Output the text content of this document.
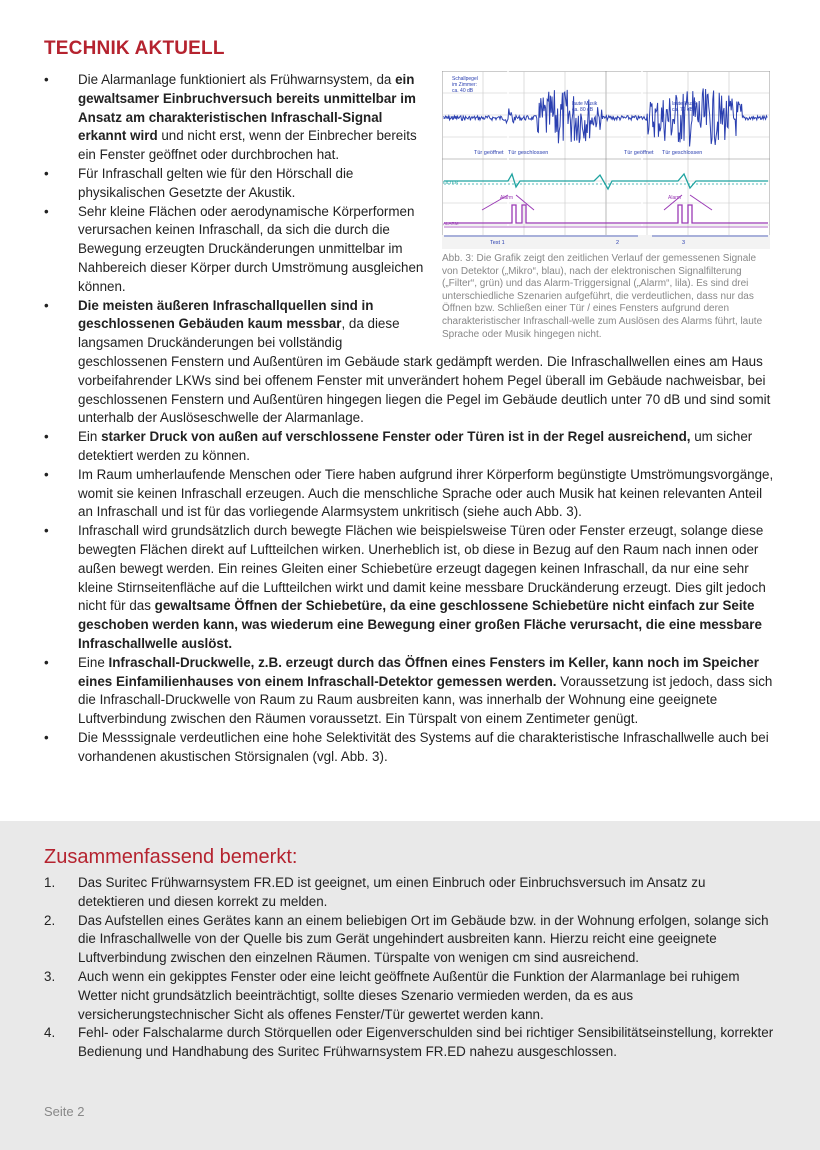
TECHNIK AKTUELL
• Schallpegel
im Zimmer:
ca. 40 dB
laute Musik
ca. 80 dB
laute Musik
ca. 70 dB
Tür geöffnet Tür geschlossen	Tür geöffnet Tür geschlossen
Test 1	2	3
Alarm	Alarm
MIKRO
FILTER
ALARM
Abb. 3: Die Grafik zeigt den zeitlichen Verlauf der gemessenen Signale von Detektor („Mikro“, blau), nach der elektronischen Signalfilterung („Filter“, grün) und das Alarm-Triggersignal („Alarm“, lila). Es sind drei unterschiedliche Szenarien aufgeführt, die verdeutlichen, dass nur das Öffnen bzw. Schließen einer Tür / eines Fensters aufgrund deren charakteristischer Infraschall-welle zum Auslösen des Alarms führt, laute Sprache oder Musik hingegen nicht.
Die Alarmanlage funktioniert als Frühwarnsystem, da ein gewaltsamer Einbruchversuch bereits unmittelbar im Ansatz am charakteristischen Infraschall-Signal erkannt wird und nicht erst, wenn der Einbrecher bereits ein Fenster geöffnet oder durchbrochen hat.
• Für Infraschall gelten wie für den Hörschall die physikalischen Gesetzte der Akustik.
• Sehr kleine Flächen oder aerodynamische Körperformen verursachen keinen Infraschall, da sich die durch die Bewegung erzeugten Druckänderungen unmittelbar im Nahbereich dieser Körper durch Umströmung ausgleichen können.
• Die meisten äußeren Infraschallquellen sind in geschlossenen Gebäuden kaum messbar, da diese langsamen Druckänderungen bei vollständig geschlossenen Fenstern und Außentüren im Gebäude stark gedämpft werden. Die Infraschallwellen eines am Haus vorbeifahrender LKWs sind bei offenem Fenster mit unverändert hohem Pegel überall im Gebäude nachweisbar, bei geschlossenen Fenstern und Außentüren hingegen liegen die Pegel im Gebäude deutlich unter 70 dB und sind somit unterhalb der Auslöseschwelle der Alarmanlage.
• Ein starker Druck von außen auf verschlossene Fenster oder Türen ist in der Regel ausreichend, um sicher detektiert werden zu können.
• Im Raum umherlaufende Menschen oder Tiere haben aufgrund ihrer Körperform begünstigte Umströmungsvorgänge, womit sie keinen Infraschall erzeugen. Auch die menschliche Sprache oder auch Musik hat keinen relevanten Anteil an Infraschall und ist für das vorliegende Alarmsystem unkritisch (siehe auch Abb. 3).
• Infraschall wird grundsätzlich durch bewegte Flächen wie beispielsweise Türen oder Fenster erzeugt, solange diese bewegten Flächen direkt auf Luftteilchen wirken. Unerheblich ist, ob diese in Bezug auf den Raum nach innen oder außen bewegt werden. Ein reines Gleiten einer Schiebetüre erzeugt dagegen keinen Infraschall, da nur eine sehr kleine Stirnseitenfläche auf die Luftteilchen wirkt und damit keine messbare Druckänderung erzeugt. Dies gilt jedoch nicht für das gewaltsame Öffnen der Schiebetüre, da eine geschlossene Schiebetüre nicht einfach zur Seite geschoben werden kann, was wiederum eine Bewegung einer großen Fläche verursacht, die eine messbare Infraschallwelle auslöst.
• Eine Infraschall-Druckwelle, z.B. erzeugt durch das Öffnen eines Fensters im Keller, kann noch im Speicher eines Einfamilienhauses von einem Infraschall-Detektor gemessen werden. Voraussetzung ist jedoch, dass sich die Infraschall-Druckwelle von Raum zu Raum ausbreiten kann, was innerhalb der Wohnung eine geeignete Luftverbindung zwischen den Räumen voraussetzt. Ein Türspalt von einem Zentimeter genügt.
• Die Messsignale verdeutlichen eine hohe Selektivität des Systems auf die charakteristische Infraschallwelle auch bei vorhandenen akustischen Störsignalen (vgl. Abb. 3).
Zusammenfassend bemerkt:
1. Das Suritec Frühwarnsystem FR.ED ist geeignet, um einen Einbruch oder Einbruchsversuch im Ansatz zu detektieren und diesen korrekt zu melden.
2. Das Aufstellen eines Gerätes kann an einem beliebigen Ort im Gebäude bzw. in der Wohnung erfolgen, solange sich die Infraschallwelle von der Quelle bis zum Gerät ungehindert ausbreiten kann. Hierzu reicht eine geeignete Luftverbindung zwischen den einzelnen Räumen. Türspalte von wenigen cm sind ausreichend.
3. Auch wenn ein gekipptes Fenster oder eine leicht geöffnete Außentür die Funktion der Alarmanlage bei ruhigem Wetter nicht grundsätzlich beeinträchtigt, sollte dieses Szenario vermieden werden, da es aus versicherungstechnischer Sicht als offenes Fenster/Tür gewertet werden kann.
4. Fehl- oder Falschalarme durch Störquellen oder Eigenverschulden sind bei richtiger Sensibilitätseinstellung, korrekter Bedienung und Handhabung des Suritec Frühwarnsystem FR.ED nahezu ausgeschlossen.
Seite 2
